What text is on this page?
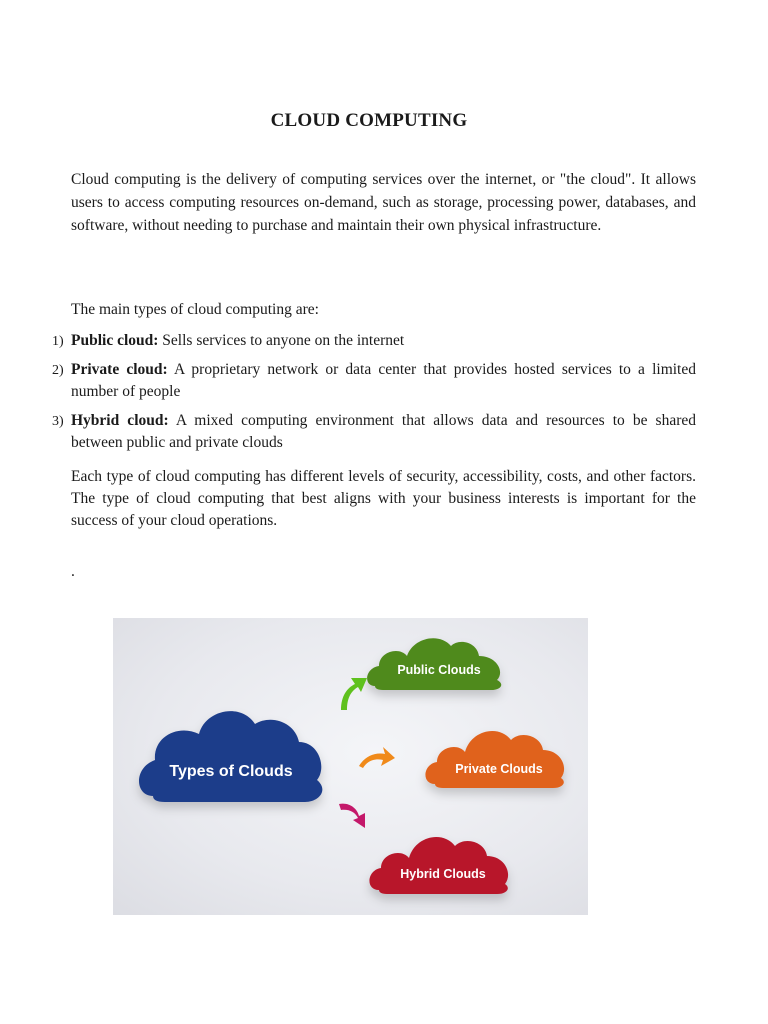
CLOUD COMPUTING

Cloud computing is the delivery of computing services over the internet, or "the cloud". It allows users to access computing resources on-demand, such as storage, processing power, databases, and software, without needing to purchase and maintain their own physical infrastructure.

The main types of cloud computing are:

1) Public cloud: Sells services to anyone on the internet
2) Private cloud: A proprietary network or data center that provides hosted services to a limited number of people
3) Hybrid cloud: A mixed computing environment that allows data and resources to be shared between public and private clouds

Each type of cloud computing has different levels of security, accessibility, costs, and other factors. The type of cloud computing that best aligns with your business interests is important for the success of your cloud operations.

.
Types of Clouds
Public Clouds
Private Clouds
Hybrid Clouds
